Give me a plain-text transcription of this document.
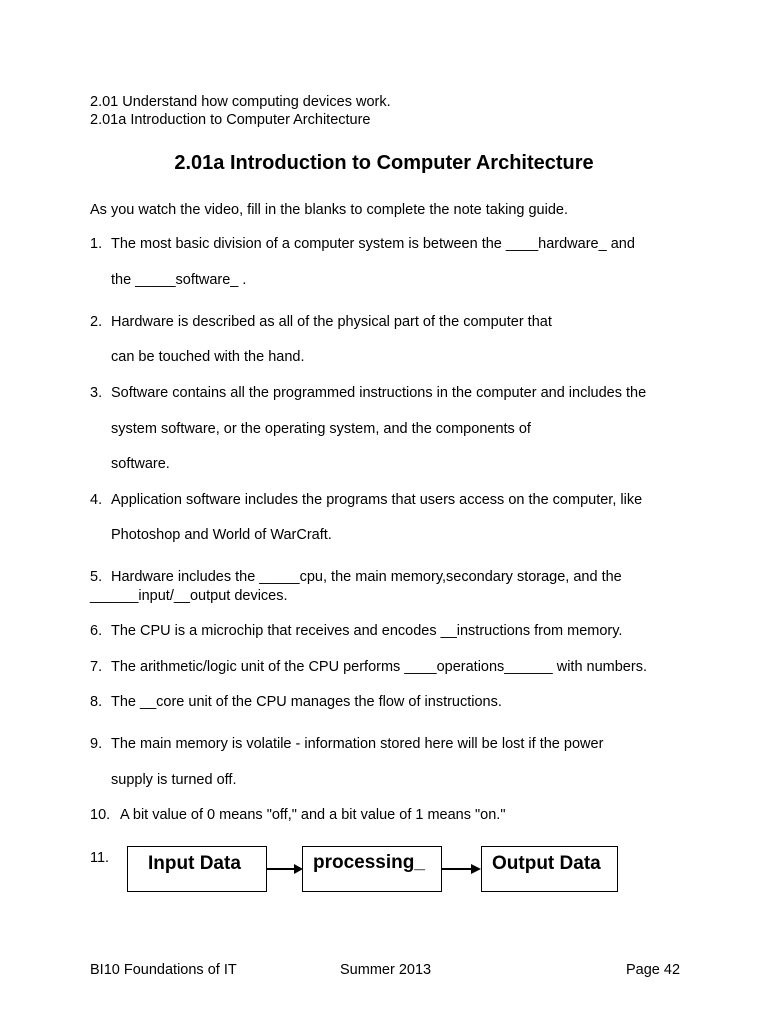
2.01 Understand how computing devices work.
2.01a Introduction to Computer Architecture
2.01a Introduction to Computer Architecture
As you watch the video, fill in the blanks to complete the note taking guide.
1. The most basic division of a computer system is between the ____hardware_ and
the _____software_ .
2. Hardware is described as all of the physical part of the computer that
can be touched with the hand.
3. Software contains all the programmed instructions in the computer and includes the
system software, or the operating system, and the components of
software.
4. Application software includes the programs that users access on the computer, like
Photoshop and World of WarCraft.
5. Hardware includes the _____cpu, the main memory,secondary storage, and the
______input/__output devices.
6. The CPU is a microchip that receives and encodes __instructions from memory.
7. The arithmetic/logic unit of the CPU performs ____operations______ with numbers.
8. The __core unit of the CPU manages the flow of instructions.
9. The main memory is volatile - information stored here will be lost if the power
supply is turned off.
10. A bit value of 0 means "off," and a bit value of 1 means "on."
11. Input Data	processing_	Output Data
BI10 Foundations of IT	Summer 2013	Page 42
